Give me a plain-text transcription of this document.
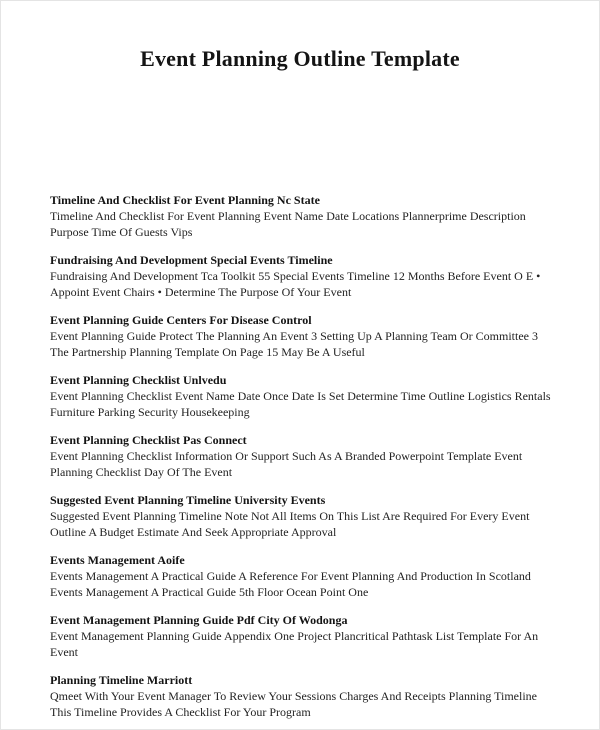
Event Planning Outline Template

Timeline And Checklist For Event Planning Nc State

Timeline And Checklist For Event Planning Event Name Date Locations Plannerprime Description Purpose Time Of Guests Vips

Fundraising And Development Special Events Timeline

Fundraising And Development Tca Toolkit 55 Special Events Timeline 12 Months Before Event O E • Appoint Event Chairs • Determine The Purpose Of Your Event

Event Planning Guide Centers For Disease Control

Event Planning Guide Protect The Planning An Event 3 Setting Up A Planning Team Or Committee 3 The Partnership Planning Template On Page 15 May Be A Useful

Event Planning Checklist Unlvedu

Event Planning Checklist Event Name Date Once Date Is Set Determine Time Outline Logistics Rentals Furniture Parking Security Housekeeping

Event Planning Checklist Pas Connect

Event Planning Checklist Information Or Support Such As A Branded Powerpoint Template Event Planning Checklist Day Of The Event

Suggested Event Planning Timeline University Events

Suggested Event Planning Timeline Note Not All Items On This List Are Required For Every Event Outline A Budget Estimate And Seek Appropriate Approval

Events Management Aoife

Events Management A Practical Guide A Reference For Event Planning And Production In Scotland Events Management A Practical Guide 5th Floor Ocean Point One

Event Management Planning Guide Pdf City Of Wodonga

Event Management Planning Guide Appendix One Project Plancritical Pathtask List Template For An Event

Planning Timeline Marriott

Qmeet With Your Event Manager To Review Your Sessions Charges And Receipts Planning Timeline This Timeline Provides A Checklist For Your Program
